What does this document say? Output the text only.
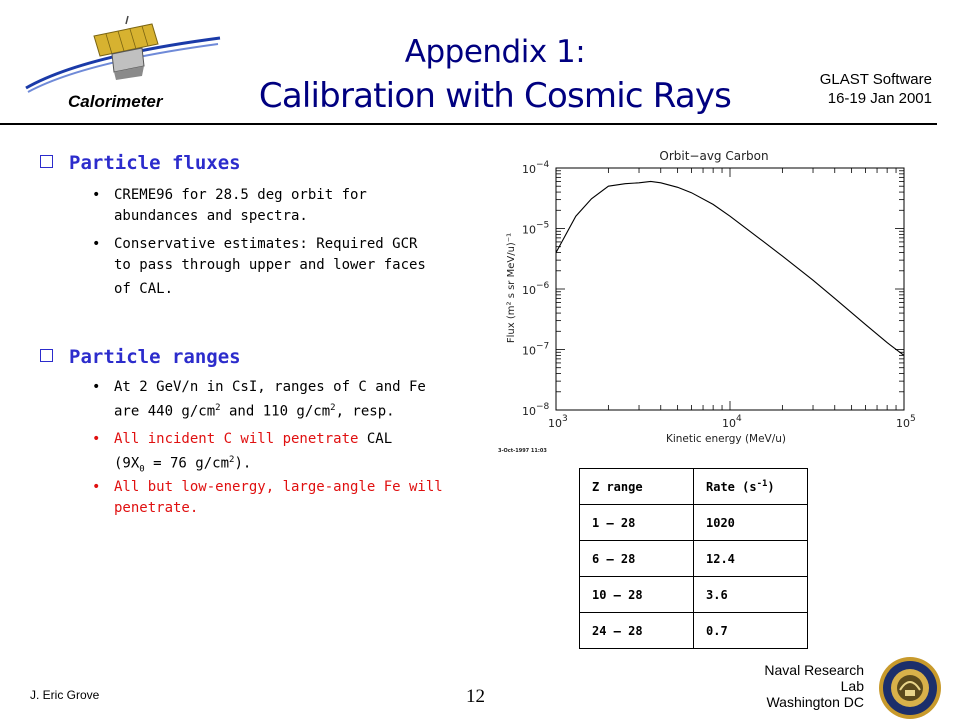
Calorimeter
Appendix 1:
Calibration with Cosmic Rays	GLAST Software
16-19 Jan 2001
Particle fluxes
• CREME96 for 28.5 deg orbit for
abundances and spectra.
• Conservative estimates: Required GCR
to pass through upper and lower faces
of CAL.
Particle ranges
• At 2 GeV/n in CsI, ranges of C and Fe
are 440 $g/cm^2$ and 110 $g/cm^2$, resp.
• All incident C will penetrate CAL
($9X_0 = 76$ $g/cm^2$).
• All but low-energy, large-angle Fe will
penetrate.
Orbit−avg Carbon
Kinetic energy (MeV/u)
Flux (m² s sr MeV/u)⁻¹
3-Oct-1997 11:03
$10^3$	$10^4$	$10^5$
$10^{-4}$
$10^{-5}$
$10^{-6}$
$10^{-7}$
$10^{-8}$
Z range	Rate $(s^{-1})$
1 – 28	1020
6 – 28	12.4
10 – 28	3.6
24 – 28	0.7
Naval Research Lab
Washington DC
J. Eric Grove	12
